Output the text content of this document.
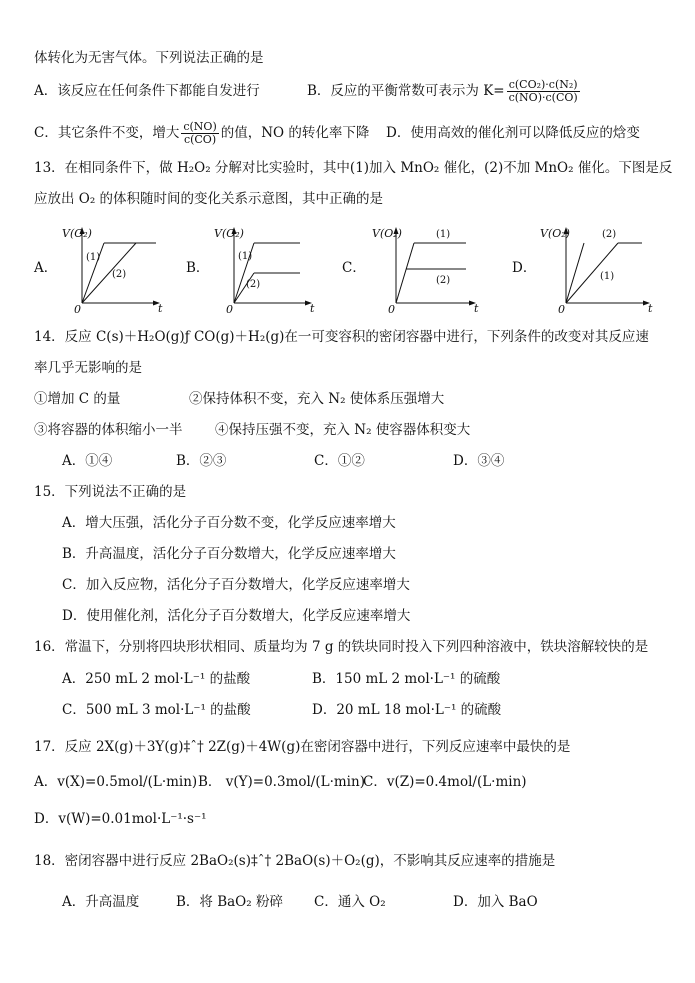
体转化为无害气体。下列说法正确的是
A．该反应在任何条件下都能自发进行	B．反应的平衡常数可表示为 $K= \frac{\text{c(CO₂)·c(N₂)}}{c(NO)\cdot c(CO)}$
C．其它条件不变，增大 $\frac{c(NO)}{c(CO)}$ 的值，NO 的转化率下降 D．使用高效的催化剂可以降低反应的焓变
13．在相同条件下，做 H₂O₂ 分解对比实验时，其中(1)加入 MnO₂ 催化，(2)不加 MnO₂ 催化。下图是反
应放出 O₂ 的体积随时间的变化关系示意图，其中正确的是
A．
V(O₂)
t
0
(1)
(2)	B．
V(O₂)
t
0
(1)
(2)
C．
V(O₂)
t
0
(1)
(2)
D．
V(O₂)
t
0
(2)
(1)
14．反应 C(s)＋H₂O(g)ƒ CO(g)＋H₂(g)在一可变容积的密闭容器中进行，下列条件的改变对其反应速
率几乎无影响的是
①增加 C 的量	②保持体积不变，充入 N₂ 使体系压强增大
③将容器的体积缩小一半 ④保持压强不变，充入 N₂ 使容器体积变大
A．①④	B．②③	C．①②	D．③④
15．下列说法不正确的是
A．增大压强，活化分子百分数不变，化学反应速率增大
B．升高温度，活化分子百分数增大，化学反应速率增大
C．加入反应物，活化分子百分数增大，化学反应速率增大
D．使用催化剂，活化分子百分数增大，化学反应速率增大
16．常温下，分别将四块形状相同、质量均为 7 g 的铁块同时投入下列四种溶液中，铁块溶解较快的是
A．250 mL 2 mol·L⁻¹ 的盐酸	B．150 mL 2 mol·L⁻¹ 的硫酸
C．500 mL 3 mol·L⁻¹ 的盐酸	D．20 mL 18 mol·L⁻¹ 的硫酸
17．反应 2X(g)＋3Y(g)‡ˆ† 2Z(g)＋4W(g)在密闭容器中进行，下列反应速率中最快的是
A．v(X)=0.5mol/(L·min) B． v(Y)=0.3mol/(L·min)
C．v(Z)=0.4mol/(L·min)
D．v(W)=0.01mol·L⁻¹·s⁻¹
18．密闭容器中进行反应 2BaO₂(s)‡ˆ† 2BaO(s)＋O₂(g)，不影响其反应速率的措施是
A．升高温度	B．将 BaO₂ 粉碎 C．通入 O₂	D．加入 BaO
